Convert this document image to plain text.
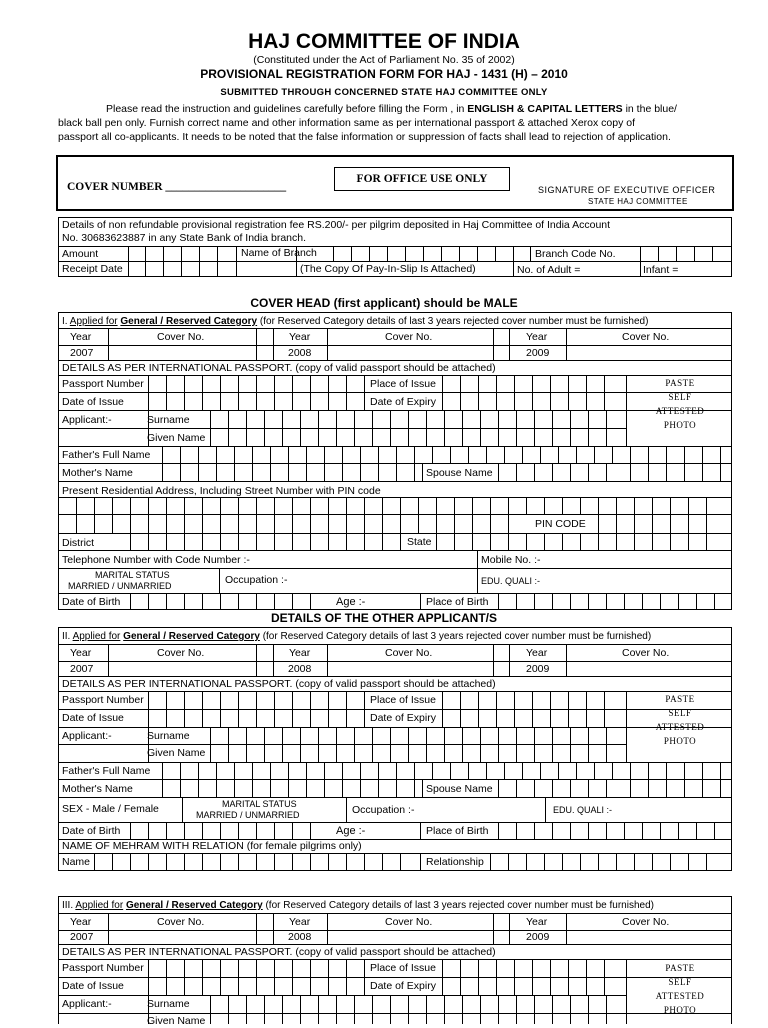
HAJ COMMITTEE OF INDIA
(Constituted under the Act of Parliament No. 35 of 2002)
PROVISIONAL REGISTRATION FORM FOR HAJ - 1431 (H) – 2010
SUBMITTED THROUGH CONCERNED STATE HAJ COMMITTEE ONLY
Please read the instruction and guidelines carefully before filling the Form , in ENGLISH & CAPITAL LETTERS in the blue/
black ball pen only. Furnish correct name and other information same as per international passport & attached Xerox copy of
passport all co-applicants. It needs to be noted that the false information or suppression of facts shall lead to rejection of application.
COVER NUMBER _____________________
FOR OFFICE USE ONLY
SIGNATURE OF EXECUTIVE OFFICER
STATE HAJ COMMITTEE
Details of non refundable provisional registration fee RS.200/- per pilgrim deposited in Haj Committee of India Account
No. 30683623887 in any State Bank of India branch.
Amount	Name of Branch	Branch Code No.
Receipt Date	(The Copy Of Pay-In-Slip Is Attached)	No. of Adult =	Infant =
COVER HEAD (first applicant) should be MALE
I. Applied for General / Reserved Category (for Reserved Category details of last 3 years rejected cover number must be furnished)
Year	Cover No.	Year	Cover No.	Year	Cover No.
2007	2008	2009
DETAILS AS PER INTERNATIONAL PASSPORT. (copy of valid passport should be attached)
Passport Number	Place of Issue
Date of Issue	Date of Expiry
Applicant:-	Surname
Given Name
PASTE
SELF
ATTESTED
PHOTO
Father's Full Name
Mother's Name	Spouse Name
Present Residential Address, Including Street Number with PIN code
PIN CODE
District	State
Telephone Number with Code Number :-	Mobile No. :-
MARITAL STATUS
MARRIED / UNMARRIED	Occupation :-	EDU. QUALI :-
Date of Birth	Age :-	Place of Birth
DETAILS OF THE OTHER APPLICANT/S
II. Applied for General / Reserved Category (for Reserved Category details of last 3 years rejected cover number must be furnished)
Year	Cover No.	Year	Cover No.	Year	Cover No.
2007	2008	2009
DETAILS AS PER INTERNATIONAL PASSPORT. (copy of valid passport should be attached)
Passport Number	Place of Issue
Date of Issue	Date of Expiry
Applicant:-	Surname
Given Name
PASTE
SELF
ATTESTED
PHOTO
Father's Full Name
Mother's Name	Spouse Name
SEX - Male / Female	MARITAL STATUS
MARRIED / UNMARRIED	Occupation :-	EDU. QUALI :-
Date of Birth	Age :-	Place of Birth
NAME OF MEHRAM WITH RELATION (for female pilgrims only)
Name	Relationship
III. Applied for General / Reserved Category (for Reserved Category details of last 3 years rejected cover number must be furnished)
Year	Cover No.	Year	Cover No.	Year	Cover No.
2007	2008	2009
DETAILS AS PER INTERNATIONAL PASSPORT. (copy of valid passport should be attached)
Passport Number	Place of Issue
Date of Issue	Date of Expiry
Applicant:-	Surname
Given Name
PASTE
SELF
ATTESTED
PHOTO
